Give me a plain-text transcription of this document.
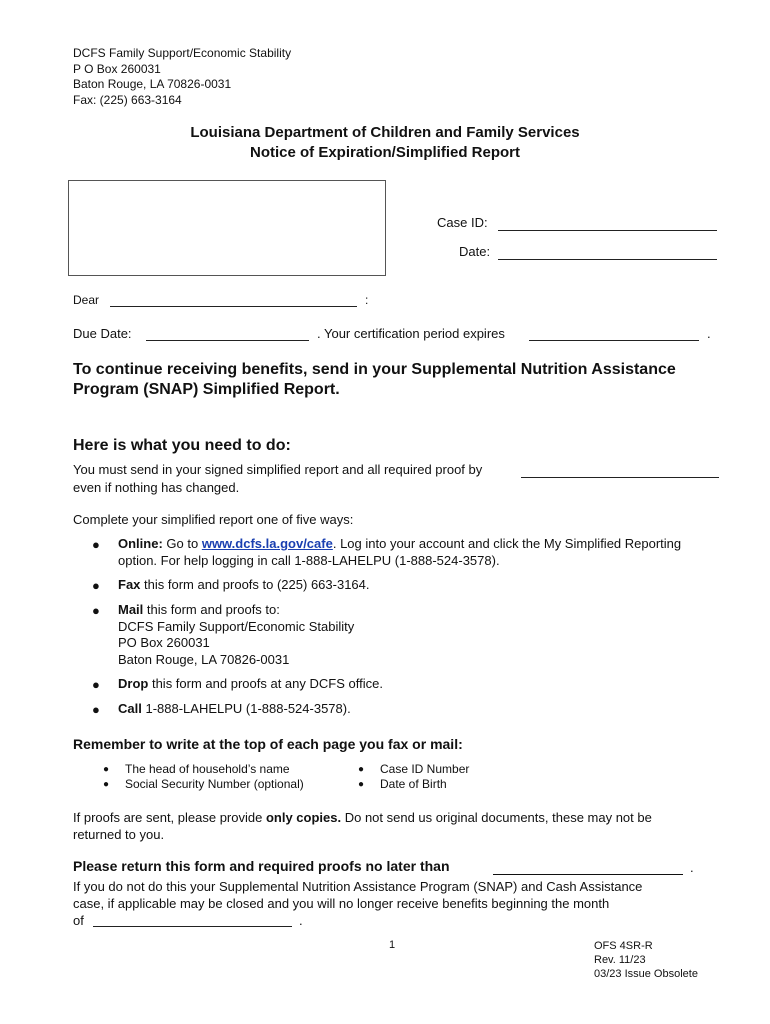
DCFS Family Support/Economic Stability
P O Box 260031
Baton Rouge, LA 70826-0031
Fax: (225) 663-3164
Louisiana Department of Children and Family Services
Notice of Expiration/Simplified Report
Case ID:
Date:
Dear	:
Due Date:	. Your certification period expires	.
To continue receiving benefits, send in your Supplemental Nutrition Assistance
Program (SNAP) Simplified Report.
Here is what you need to do:
You must send in your signed simplified report and all required proof by
even if nothing has changed.
Complete your simplified report one of five ways:
● Online: Go to www.dcfs.la.gov/cafe. Log into your account and click the My Simplified Reporting
option. For help logging in call 1-888-LAHELPU (1-888-524-3578).
● Fax this form and proofs to (225) 663-3164.
● Mail this form and proofs to:
DCFS Family Support/Economic Stability
PO Box 260031
Baton Rouge, LA 70826-0031
● Drop this form and proofs at any DCFS office.
● Call 1-888-LAHELPU (1-888-524-3578).
Remember to write at the top of each page you fax or mail:
● The head of household’s name
● Social Security Number (optional)
● Case ID Number
● Date of Birth
If proofs are sent, please provide only copies. Do not send us original documents, these may not be
returned to you.
Please return this form and required proofs no later than	.
If you do not do this your Supplemental Nutrition Assistance Program (SNAP) and Cash Assistance
case, if applicable may be closed and you will no longer receive benefits beginning the month
of	.
1	OFS 4SR-R
Rev. 11/23
03/23 Issue Obsolete
